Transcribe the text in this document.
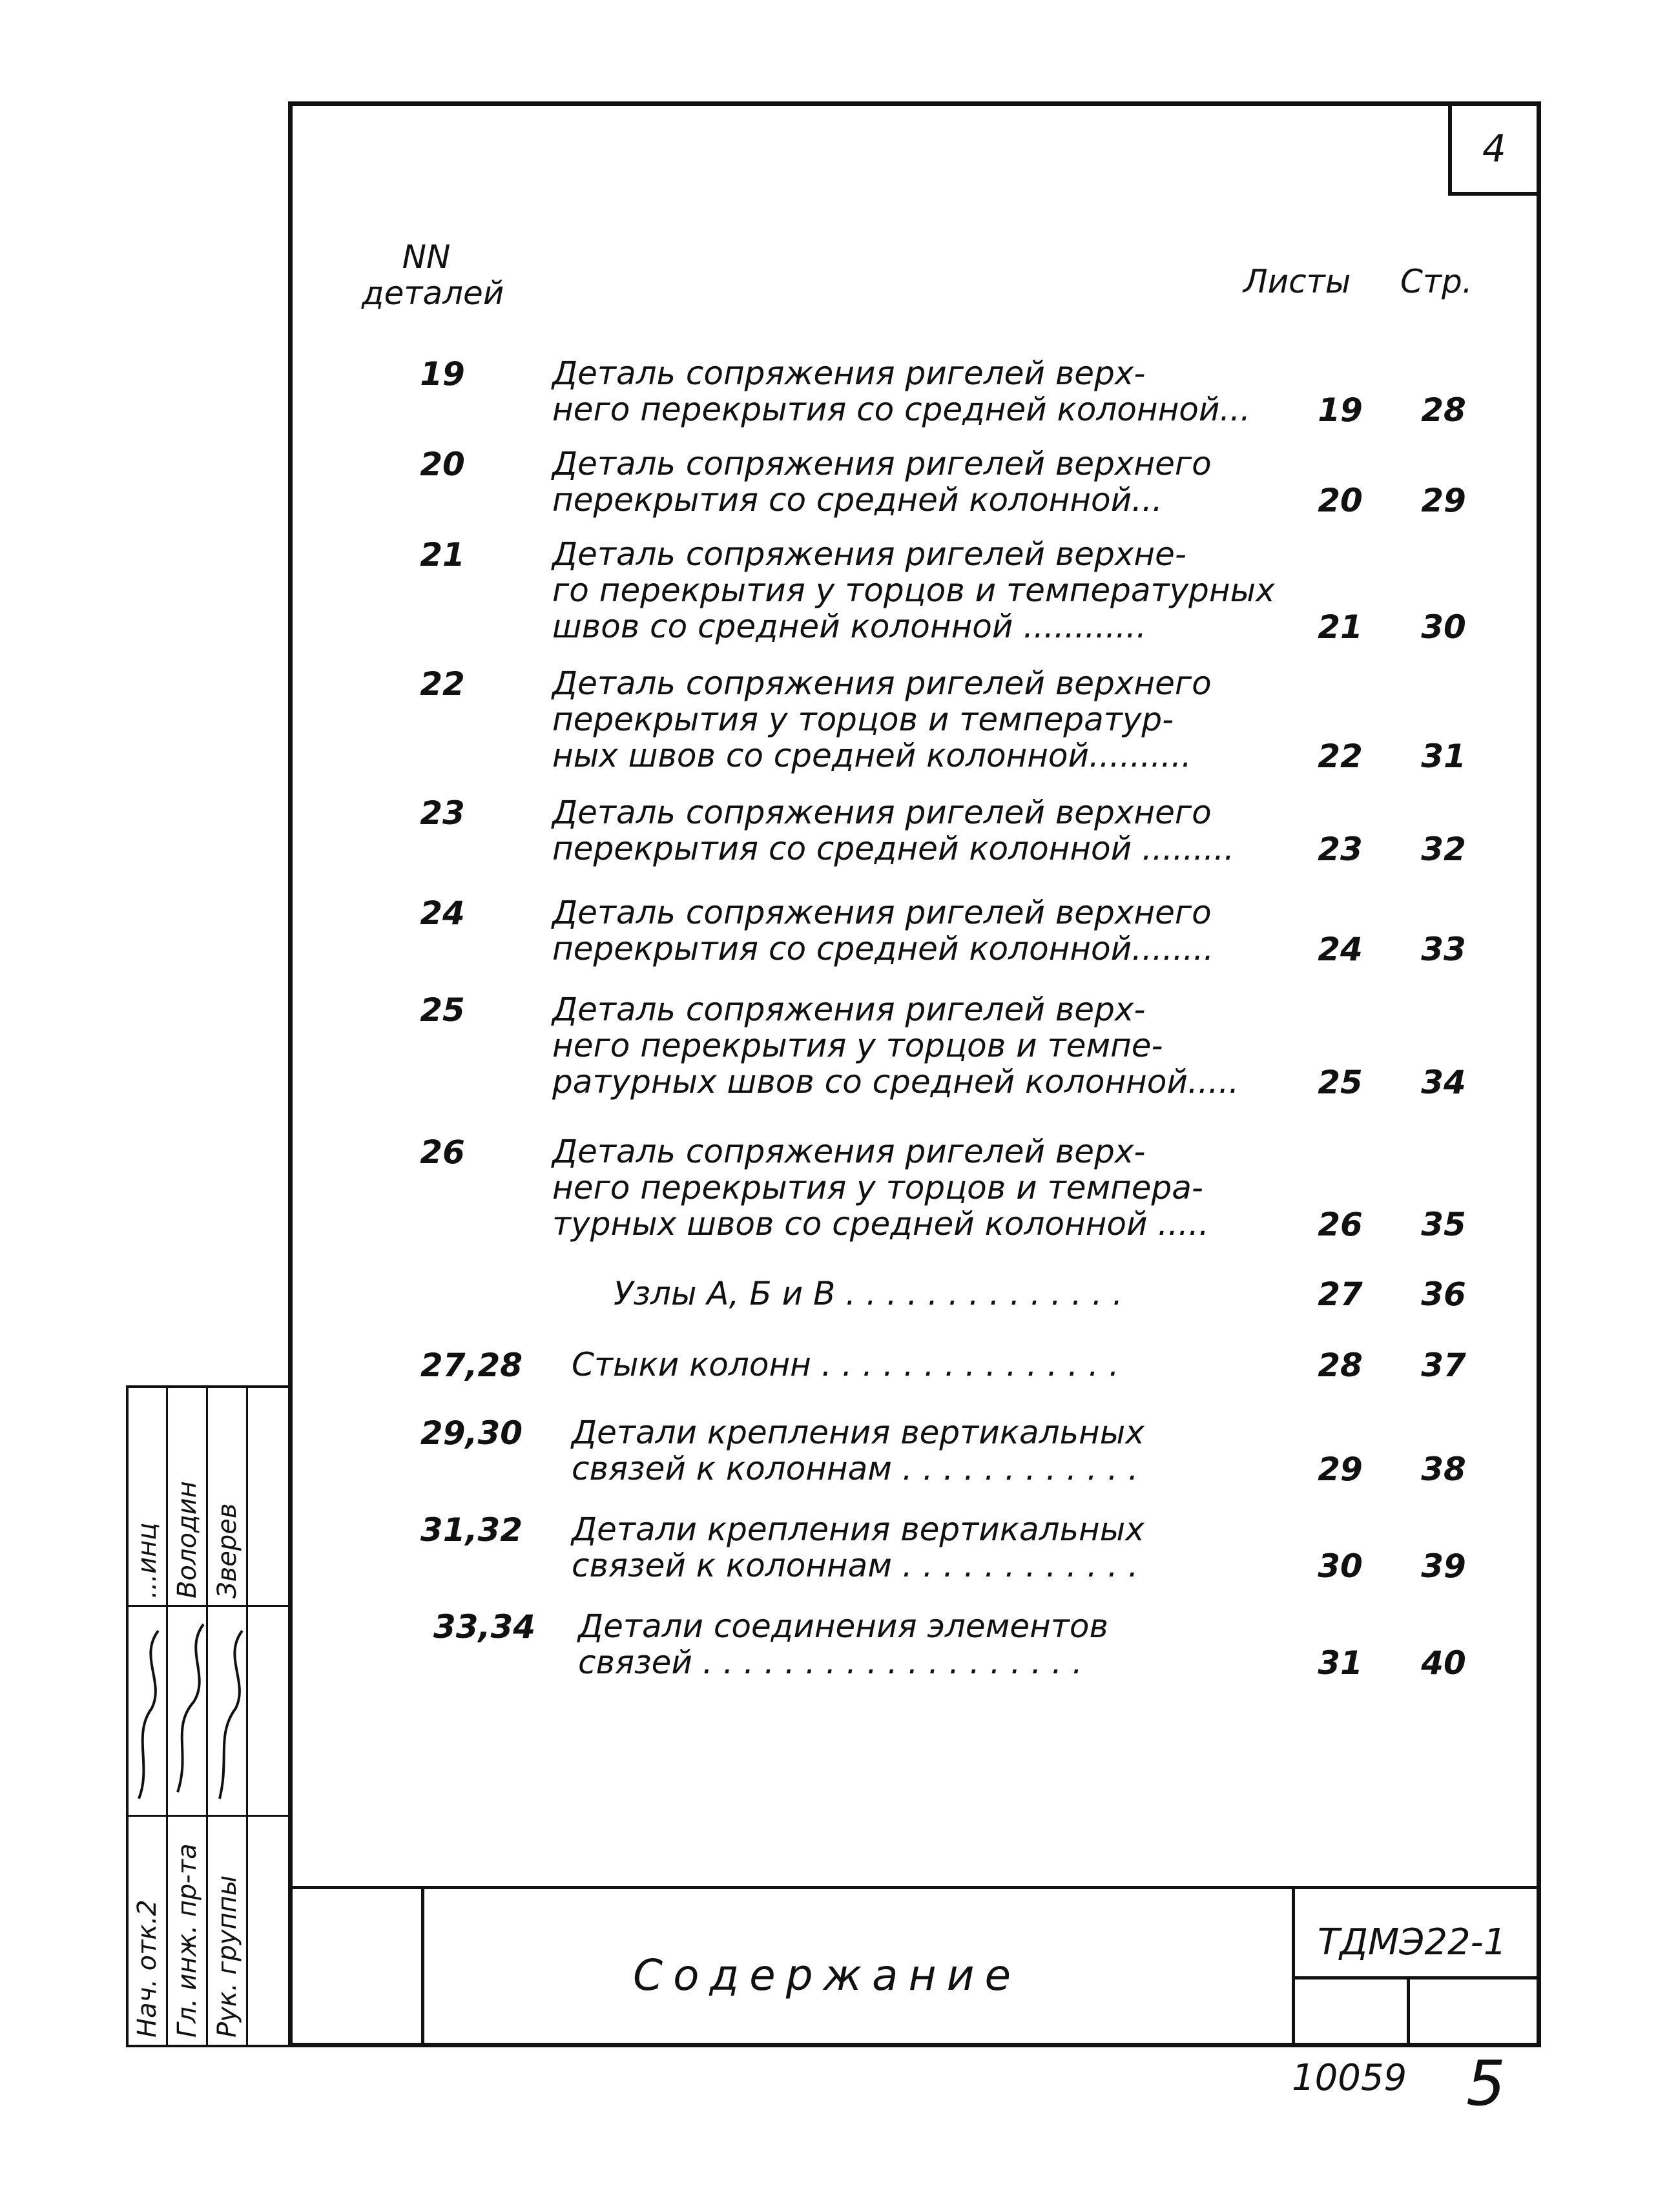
4
NN
деталей	Листы Стр.
19	Деталь сопряжения ригелей верх-
него перекрытия со средней колонной...	19	28
20	Деталь сопряжения ригелей верхнего
перекрытия со средней колонной...	20	29
21	Деталь сопряжения ригелей верхне-
го перекрытия у торцов и температурных
швов со средней колонной ............	21	30
22	Деталь сопряжения ригелей верхнего
перекрытия у торцов и температур-
ных швов со средней колонной..........	22	31
23	Деталь сопряжения ригелей верхнего
перекрытия со средней колонной .........	23	32
24	Деталь сопряжения ригелей верхнего
перекрытия со средней колонной........	24	33
25	Деталь сопряжения ригелей верх-
него перекрытия у торцов и темпе-
ратурных швов со средней колонной.....	25	34
26	Деталь сопряжения ригелей верх-
него перекрытия у торцов и темпера-
турных швов со средней колонной .....	26	35
Узлы А, Б и В . . . . . . . . . . . . . .	27	36
27,28	Стыки колонн . . . . . . . . . . . . . . .	28	37
29,30	Детали крепления вертикальных
связей к колоннам . . . . . . . . . . . .	29	38
31,32	Детали крепления вертикальных
связей к колоннам . . . . . . . . . . . .	30	39
33,34	Детали соединения элементов
связей . . . . . . . . . . . . . . . . . . .	31	40
Содержание
ТДМЭ22-1
Нач. отк.2 Гл. инж. пр-та Рук. группы
...инц Володин Зверев
10059 5
